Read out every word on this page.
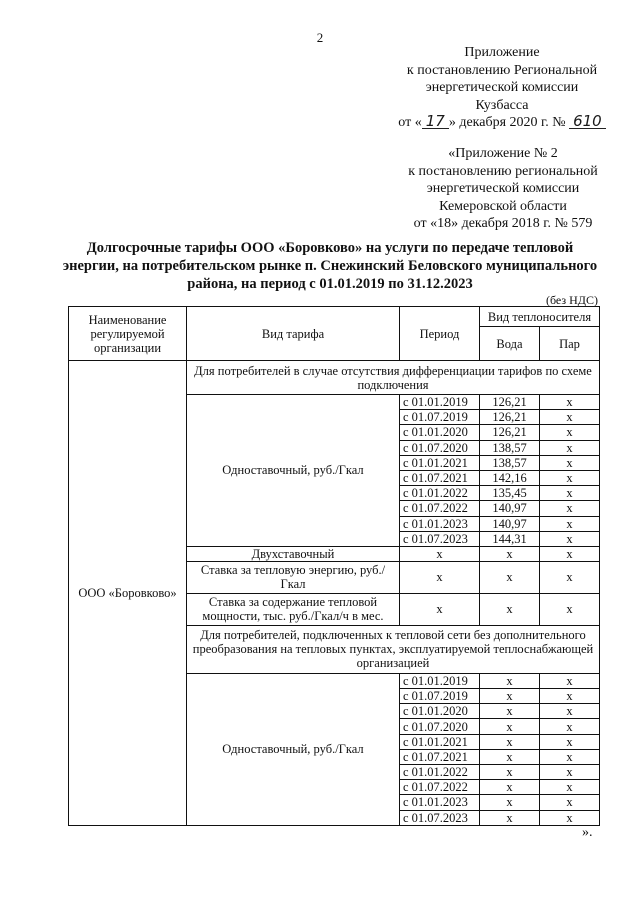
2
Приложение
к постановлению Региональной
энергетической комиссии
Кузбасса
от « 17 » декабря 2020 г. № 610
«Приложение № 2
к постановлению региональной
энергетической комиссии
Кемеровской области
от «18» декабря 2018 г. № 579
Долгосрочные тарифы ООО «Боровково» на услуги по передаче тепловой энергии, на потребительском рынке п. Снежинский Беловского муниципального района, на период с 01.01.2019 по 31.12.2023
(без НДС)
Наименование регулируемой организации	Вид тарифа	Период	Вид теплоносителя	
			Вода	Пар
ООО «Боровково»	Для потребителей в случае отсутствия дифференциации тарифов по схеме подключения			
	Одноставочный, руб./Гкал	с 01.01.2019	126,21	х
		с 01.07.2019	126,21	х
		с 01.01.2020	126,21	х
		с 01.07.2020	138,57	х
		с 01.01.2021	138,57	х
		с 01.07.2021	142,16	х
		с 01.01.2022	135,45	х
		с 01.07.2022	140,97	х
		с 01.01.2023	140,97	х
		с 01.07.2023	144,31	х
	Двухставочный	х	х	х
	Ставка за тепловую энергию, руб./Гкал	х	х	х
	Ставка за содержание тепловой мощности, тыс. руб./Гкал/ч в мес.	х	х	х
	Для потребителей, подключенных к тепловой сети без дополнительного преобразования на тепловых пунктах, эксплуатируемой теплоснабжающей организацией			
	Одноставочный, руб./Гкал	с 01.01.2019	х	х
		с 01.07.2019	х	х
		с 01.01.2020	х	х
		с 01.07.2020	х	х
		с 01.01.2021	х	х
		с 01.07.2021	х	х
		с 01.01.2022	х	х
		с 01.07.2022	х	х
		с 01.01.2023	х	х
		с 01.07.2023	х	х
».
